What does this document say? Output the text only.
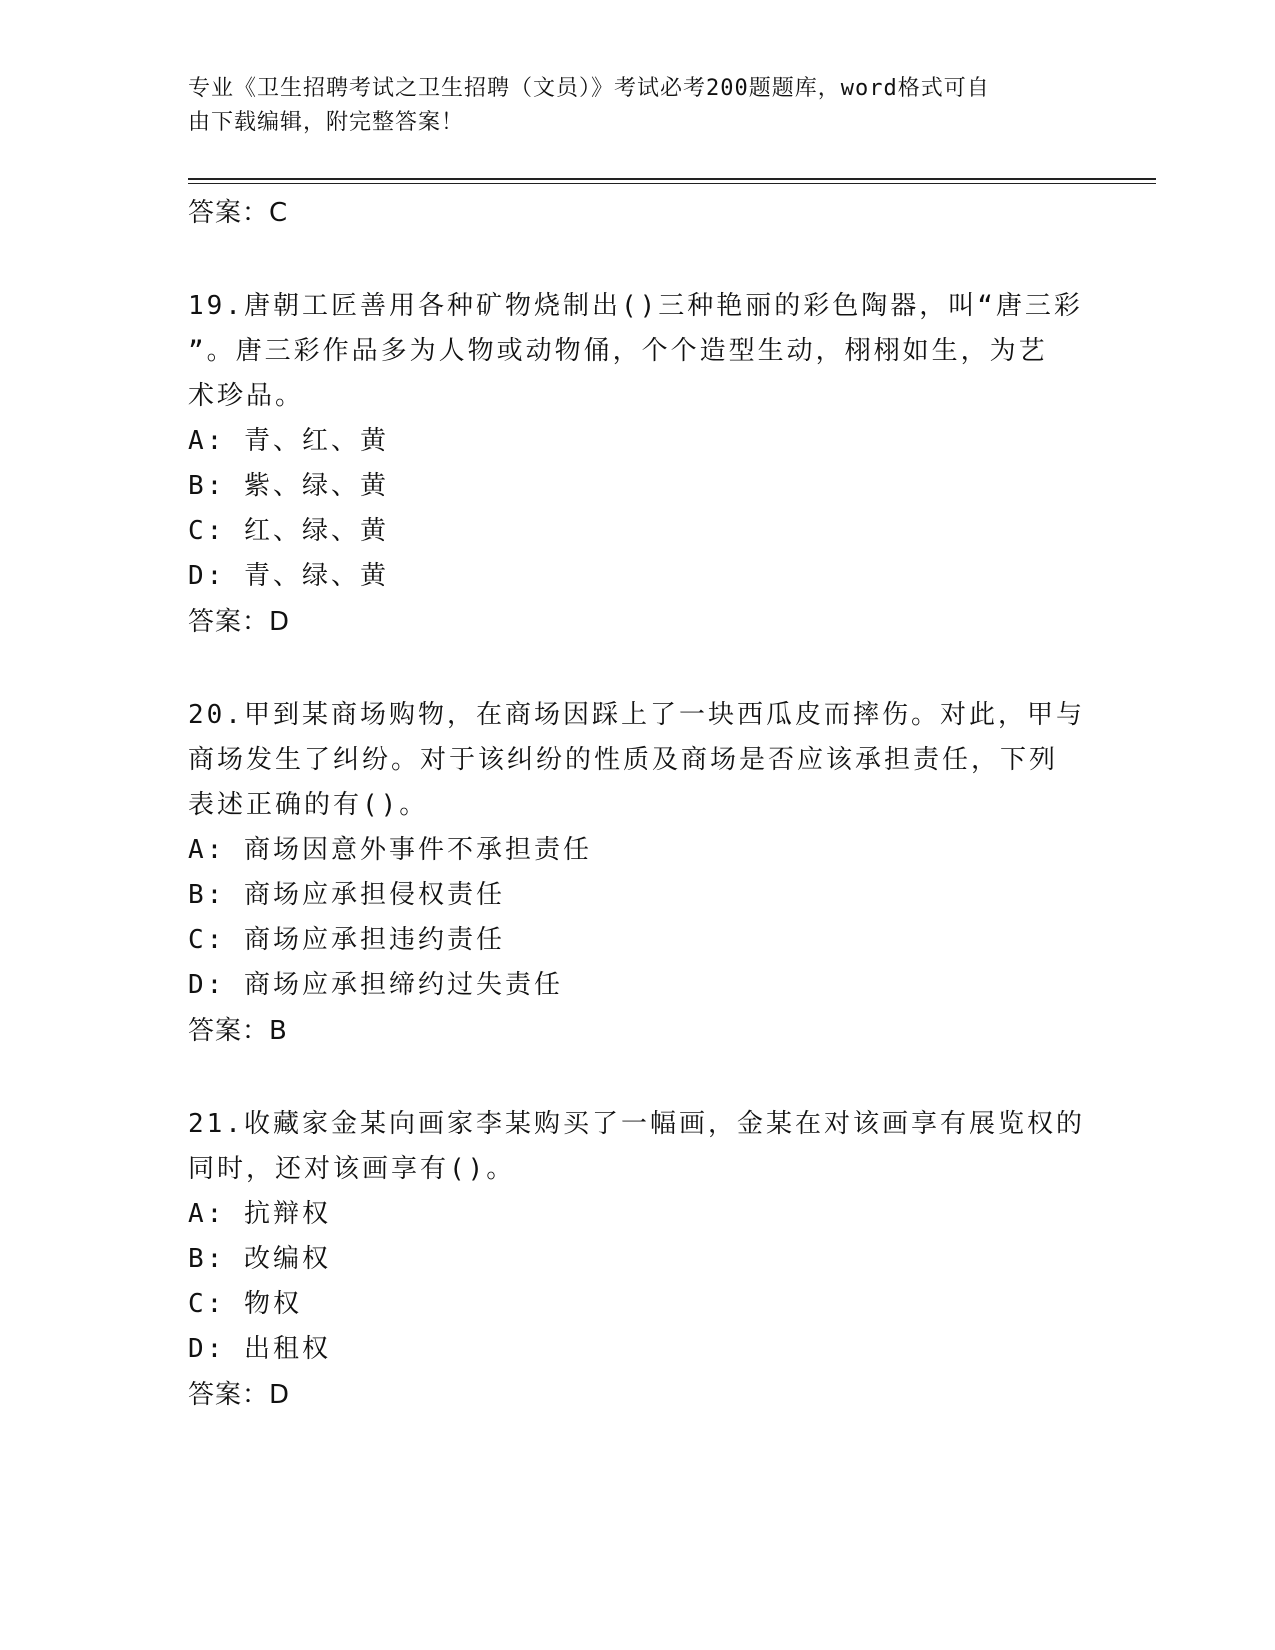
专业《卫生招聘考试之卫生招聘（文员）》考试必考200题题库，word格式可自
由下载编辑，附完整答案！
答案：C
19.唐朝工匠善用各种矿物烧制出()三种艳丽的彩色陶器，叫“唐三彩
”。唐三彩作品多为人物或动物俑，个个造型生动，栩栩如生，为艺
术珍品。
A: 青、红、黄
B: 紫、绿、黄
C: 红、绿、黄
D: 青、绿、黄
答案：D
20.甲到某商场购物，在商场因踩上了一块西瓜皮而摔伤。对此，甲与
商场发生了纠纷。对于该纠纷的性质及商场是否应该承担责任，下列
表述正确的有()。
A: 商场因意外事件不承担责任
B: 商场应承担侵权责任
C: 商场应承担违约责任
D: 商场应承担缔约过失责任
答案：B
21.收藏家金某向画家李某购买了一幅画，金某在对该画享有展览权的
同时，还对该画享有()。
A: 抗辩权
B: 改编权
C: 物权
D: 出租权
答案：D
